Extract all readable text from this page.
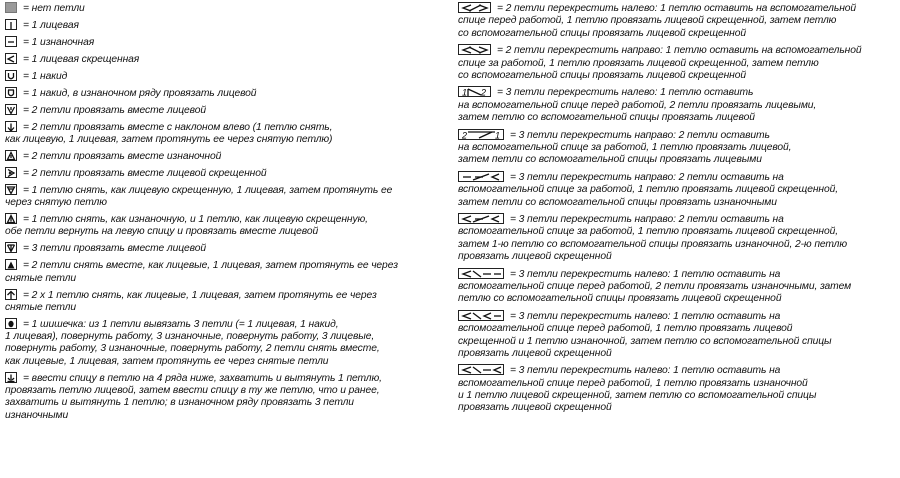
= нет петли
= 1 лицевая
= 1 изнаночная
= 1 лицевая скрещенная
= 1 накид
= 1 накид, в изнаночном ряду провязать лицевой
= 2 петли провязать вместе лицевой
= 2 петли провязать вместе с наклоном влево (1 петлю снять,
как лицевую, 1 лицевая, затем протянуть ее через снятую петлю)
= 2 петли провязать вместе изнаночной
= 2 петли провязать вместе лицевой скрещенной
= 1 петлю снять, как лицевую скрещенную, 1 лицевая, затем протянуть ее
через снятую петлю
= 1 петлю снять, как изнаночную, и 1 петлю, как лицевую скрещенную,
обе петли вернуть на левую спицу и провязать вместе лицевой
= 3 петли провязать вместе лицевой
= 2 петли снять вместе, как лицевые, 1 лицевая, затем протянуть ее через
снятые петли
= 2 x 1 петлю снять, как лицевые, 1 лицевая, затем протянуть ее через
снятые петли
= 1 шишечка: из 1 петли вывязать 3 петли (= 1 лицевая, 1 накид,
1 лицевая), повернуть работу, 3 изнаночные, повернуть работу, 3 лицевые,
повернуть работу, 3 изнаночные, повернуть работу, 2 петли снять вместе,
как лицевые, 1 лицевая, затем протянуть ее через снятые петли
= ввести спицу в петлю на 4 ряда ниже, захватить и вытянуть 1 петлю,
провязать петлю лицевой, затем ввести спицу в ту же петлю, что и ранее,
захватить и вытянуть 1 петлю; в изнаночном ряду провязать 3 петли
изнаночными
= 2 петли перекрестить налево: 1 петлю оставить на вспомогательной
спице перед работой, 1 петлю провязать лицевой скрещенной, затем петлю
со вспомогательной спицы провязать лицевой скрещенной
= 2 петли перекрестить направо: 1 петлю оставить на вспомогательной
спице за работой, 1 петлю провязать лицевой скрещенной, затем петлю
со вспомогательной спицы провязать лицевой скрещенной
1 2 = 3 петли перекрестить налево: 1 петлю оставить
на вспомогательной спице перед работой, 2 петли провязать лицевыми,
затем петлю со вспомогательной спицы провязать лицевой
2	1 = 3 петли перекрестить направо: 2 петли оставить
на вспомогательной спице за работой, 1 петлю провязать лицевой,
затем петли со вспомогательной спицы провязать лицевыми
= 3 петли перекрестить направо: 2 петли оставить на
вспомогательной спице за работой, 1 петлю провязать лицевой скрещенной,
затем петли со вспомогательной спицы провязать изнаночными
= 3 петли перекрестить направо: 2 петли оставить на
вспомогательной спице за работой, 1 петлю провязать лицевой скрещенной,
затем 1-ю петлю со вспомогательной спицы провязать изнаночной, 2-ю петлю
провязать лицевой скрещенной
= 3 петли перекрестить налево: 1 петлю оставить на
вспомогательной спице перед работой, 2 петли провязать изнаночными, затем
петлю со вспомогательной спицы провязать лицевой скрещенной
= 3 петли перекрестить налево: 1 петлю оставить на
вспомогательной спице перед работой, 1 петлю провязать лицевой
скрещенной и 1 петлю изнаночной, затем петлю со вспомогательной спицы
провязать лицевой скрещенной
= 3 петли перекрестить налево: 1 петлю оставить на
вспомогательной спице перед работой, 1 петлю провязать изнаночной
и 1 петлю лицевой скрещенной, затем петлю со вспомогательной спицы
провязать лицевой скрещенной
